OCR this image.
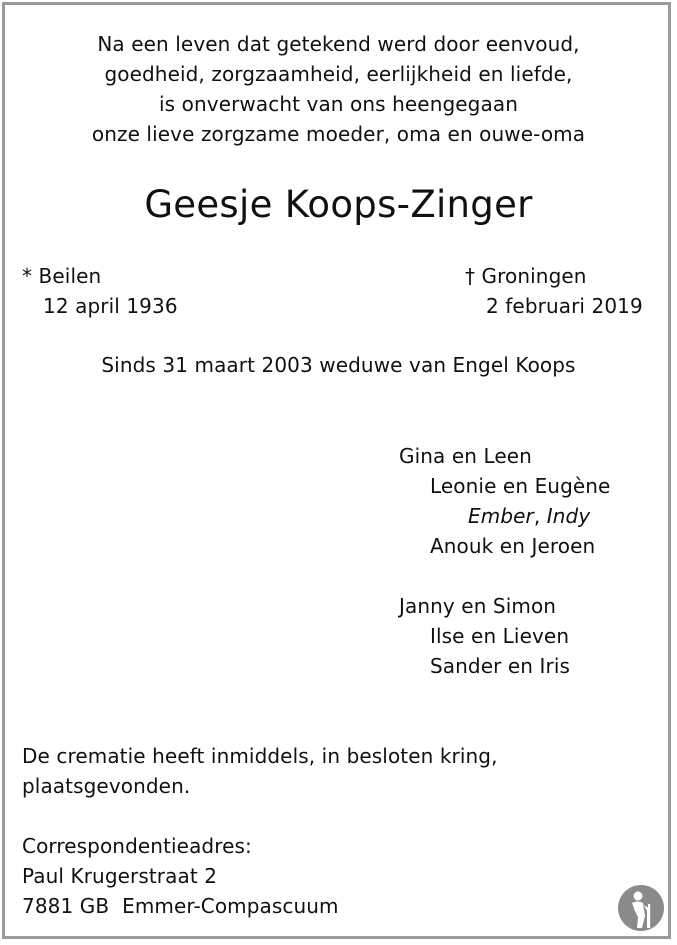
Na een leven dat getekend werd door eenvoud,
goedheid, zorgzaamheid, eerlijkheid en liefde,
is onverwacht van ons heengegaan
onze lieve zorgzame moeder, oma en ouwe-oma
Geesje Koops-Zinger
* Beilen
12 april 1936
† Groningen
2 februari 2019
Sinds 31 maart 2003 weduwe van Engel Koops
Gina en Leen
Leonie en Eugène
Ember, Indy
Anouk en Jeroen
Janny en Simon
Ilse en Lieven
Sander en Iris
De crematie heeft inmiddels, in besloten kring,
plaatsgevonden.
Correspondentieadres:
Paul Krugerstraat 2
7881 GB  Emmer-Compascuum
